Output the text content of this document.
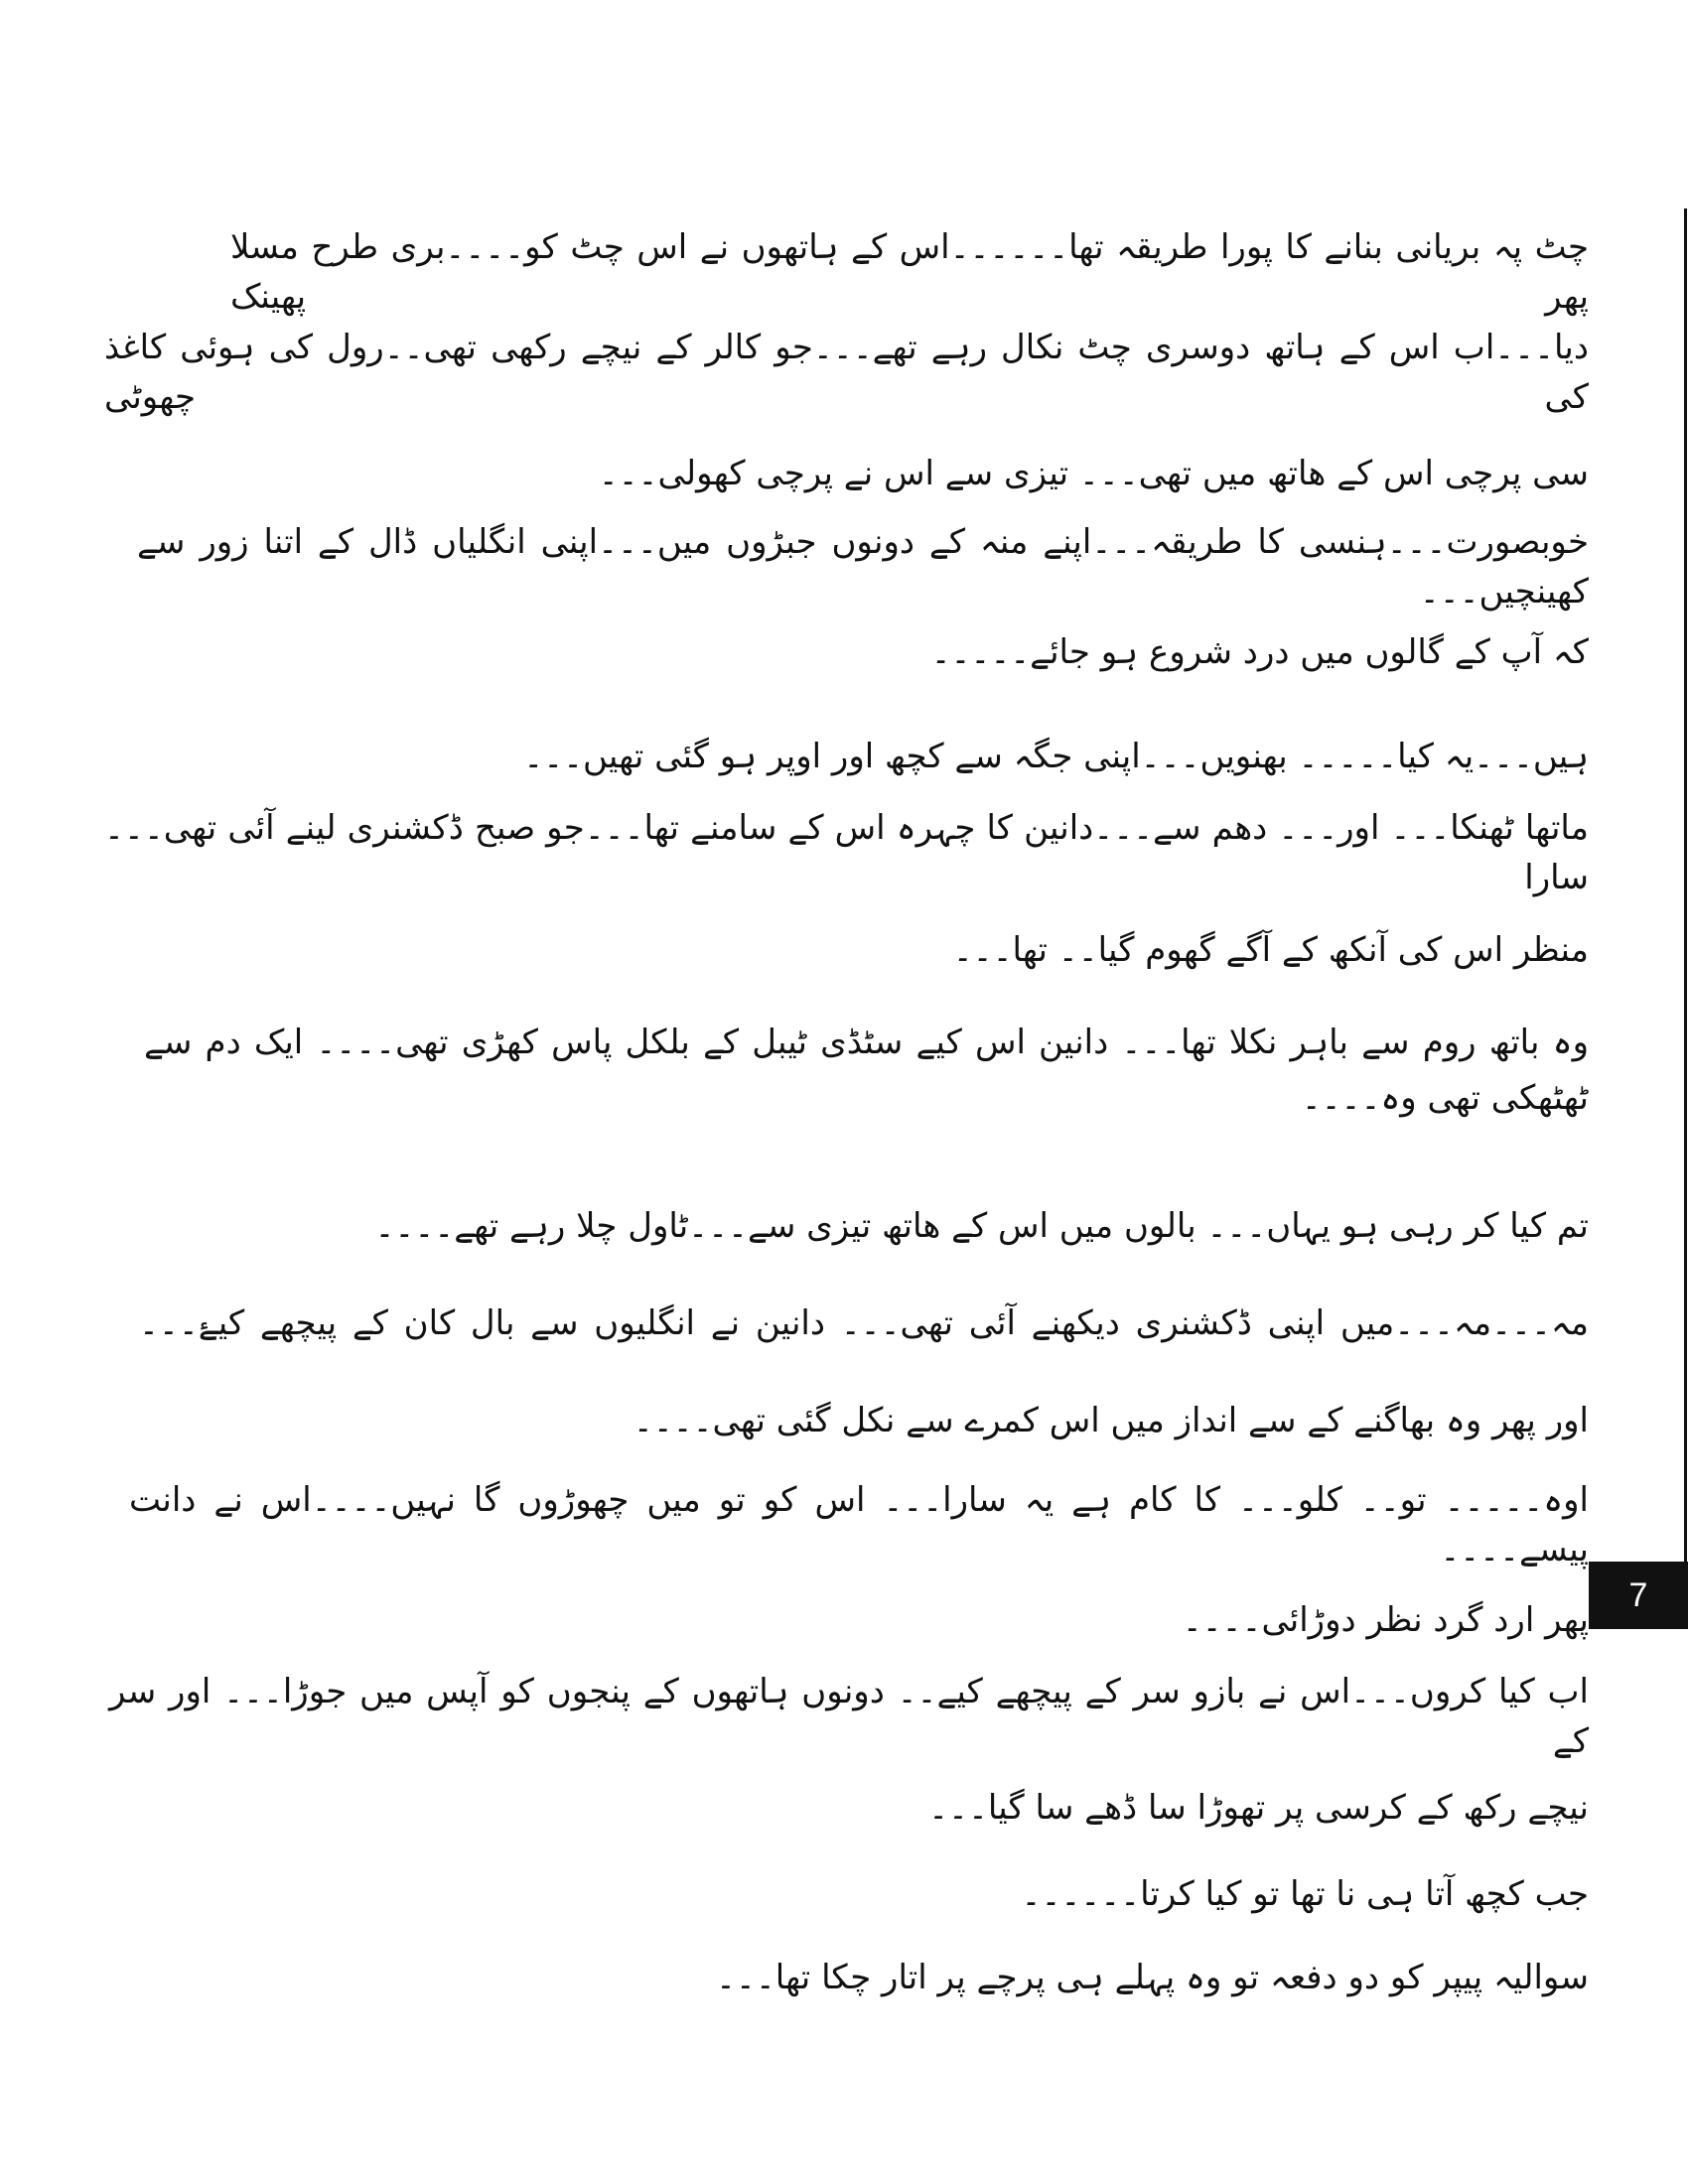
چٹ پہ بریانی بنانے کا پورا طریقہ تھا۔۔۔۔۔۔اس کے ہاتھوں نے اس چٹ کو۔۔۔۔بری طرح مسلا پھر پھینک
دیا۔۔۔اب اس کے ہاتھ دوسری چٹ نکال رہے تھے۔۔۔جو کالر کے نیچے رکھی تھی۔۔رول کی ہوئی کاغذ کی چھوٹی
سی پرچی اس کے ھاتھ میں تھی۔۔۔ تیزی سے اس نے پرچی کھولی۔۔۔
خوبصورت۔۔۔ہنسی کا طریقہ۔۔۔اپنے منہ کے دونوں جبڑوں میں۔۔۔اپنی انگلیاں ڈال کے اتنا زور سے کھینچیں۔۔۔
کہ آپ کے گالوں میں درد شروع ہو جائے۔۔۔۔۔
ہیں۔۔۔یہ کیا۔۔۔۔۔ بھنویں۔۔۔اپنی جگہ سے کچھ اور اوپر ہو گئی تھیں۔۔۔
ماتھا ٹھنکا۔۔۔ اور۔۔۔ دھم سے۔۔۔دانین کا چہرہ اس کے سامنے تھا۔۔۔جو صبح ڈکشنری لینے آئی تھی۔۔۔ سارا
منظر اس کی آنکھ کے آگے گھوم گیا۔۔ تھا۔۔۔
وہ باتھ روم سے باہر نکلا تھا۔۔۔ دانین اس کیے سٹڈی ٹیبل کے بلکل پاس کھڑی تھی۔۔۔۔ ایک دم سے
ٹھٹھکی تھی وہ۔۔۔۔
تم کیا کر رہی ہو یہاں۔۔۔ بالوں میں اس کے ھاتھ تیزی سے۔۔۔ٹاول چلا رہے تھے۔۔۔۔
مہ۔۔۔مہ۔۔۔میں اپنی ڈکشنری دیکھنے آئی تھی۔۔۔ دانین نے انگلیوں سے بال کان کے پیچھے کیۓ۔۔۔
اور پھر وہ بھاگنے کے سے انداز میں اس کمرے سے نکل گئی تھی۔۔۔۔
اوہ۔۔۔۔۔ تو۔۔ کلو۔۔۔ کا کام ہے یہ سارا۔۔۔ اس کو تو میں چھوڑوں گا نہیں۔۔۔۔اس نے دانت پیسے۔۔۔۔
پھر ارد گرد نظر دوڑائی۔۔۔۔
اب کیا کروں۔۔۔اس نے بازو سر کے پیچھے کیے۔۔ دونوں ہاتھوں کے پنجوں کو آپس میں جوڑا۔۔۔ اور سر کے
نیچے رکھ کے کرسی پر تھوڑا سا ڈھے سا گیا۔۔۔
جب کچھ آتا ہی نا تھا تو کیا کرتا۔۔۔۔۔۔
سوالیہ پیپر کو دو دفعہ تو وہ پہلے ہی پرچے پر اتار چکا تھا۔۔۔
7
